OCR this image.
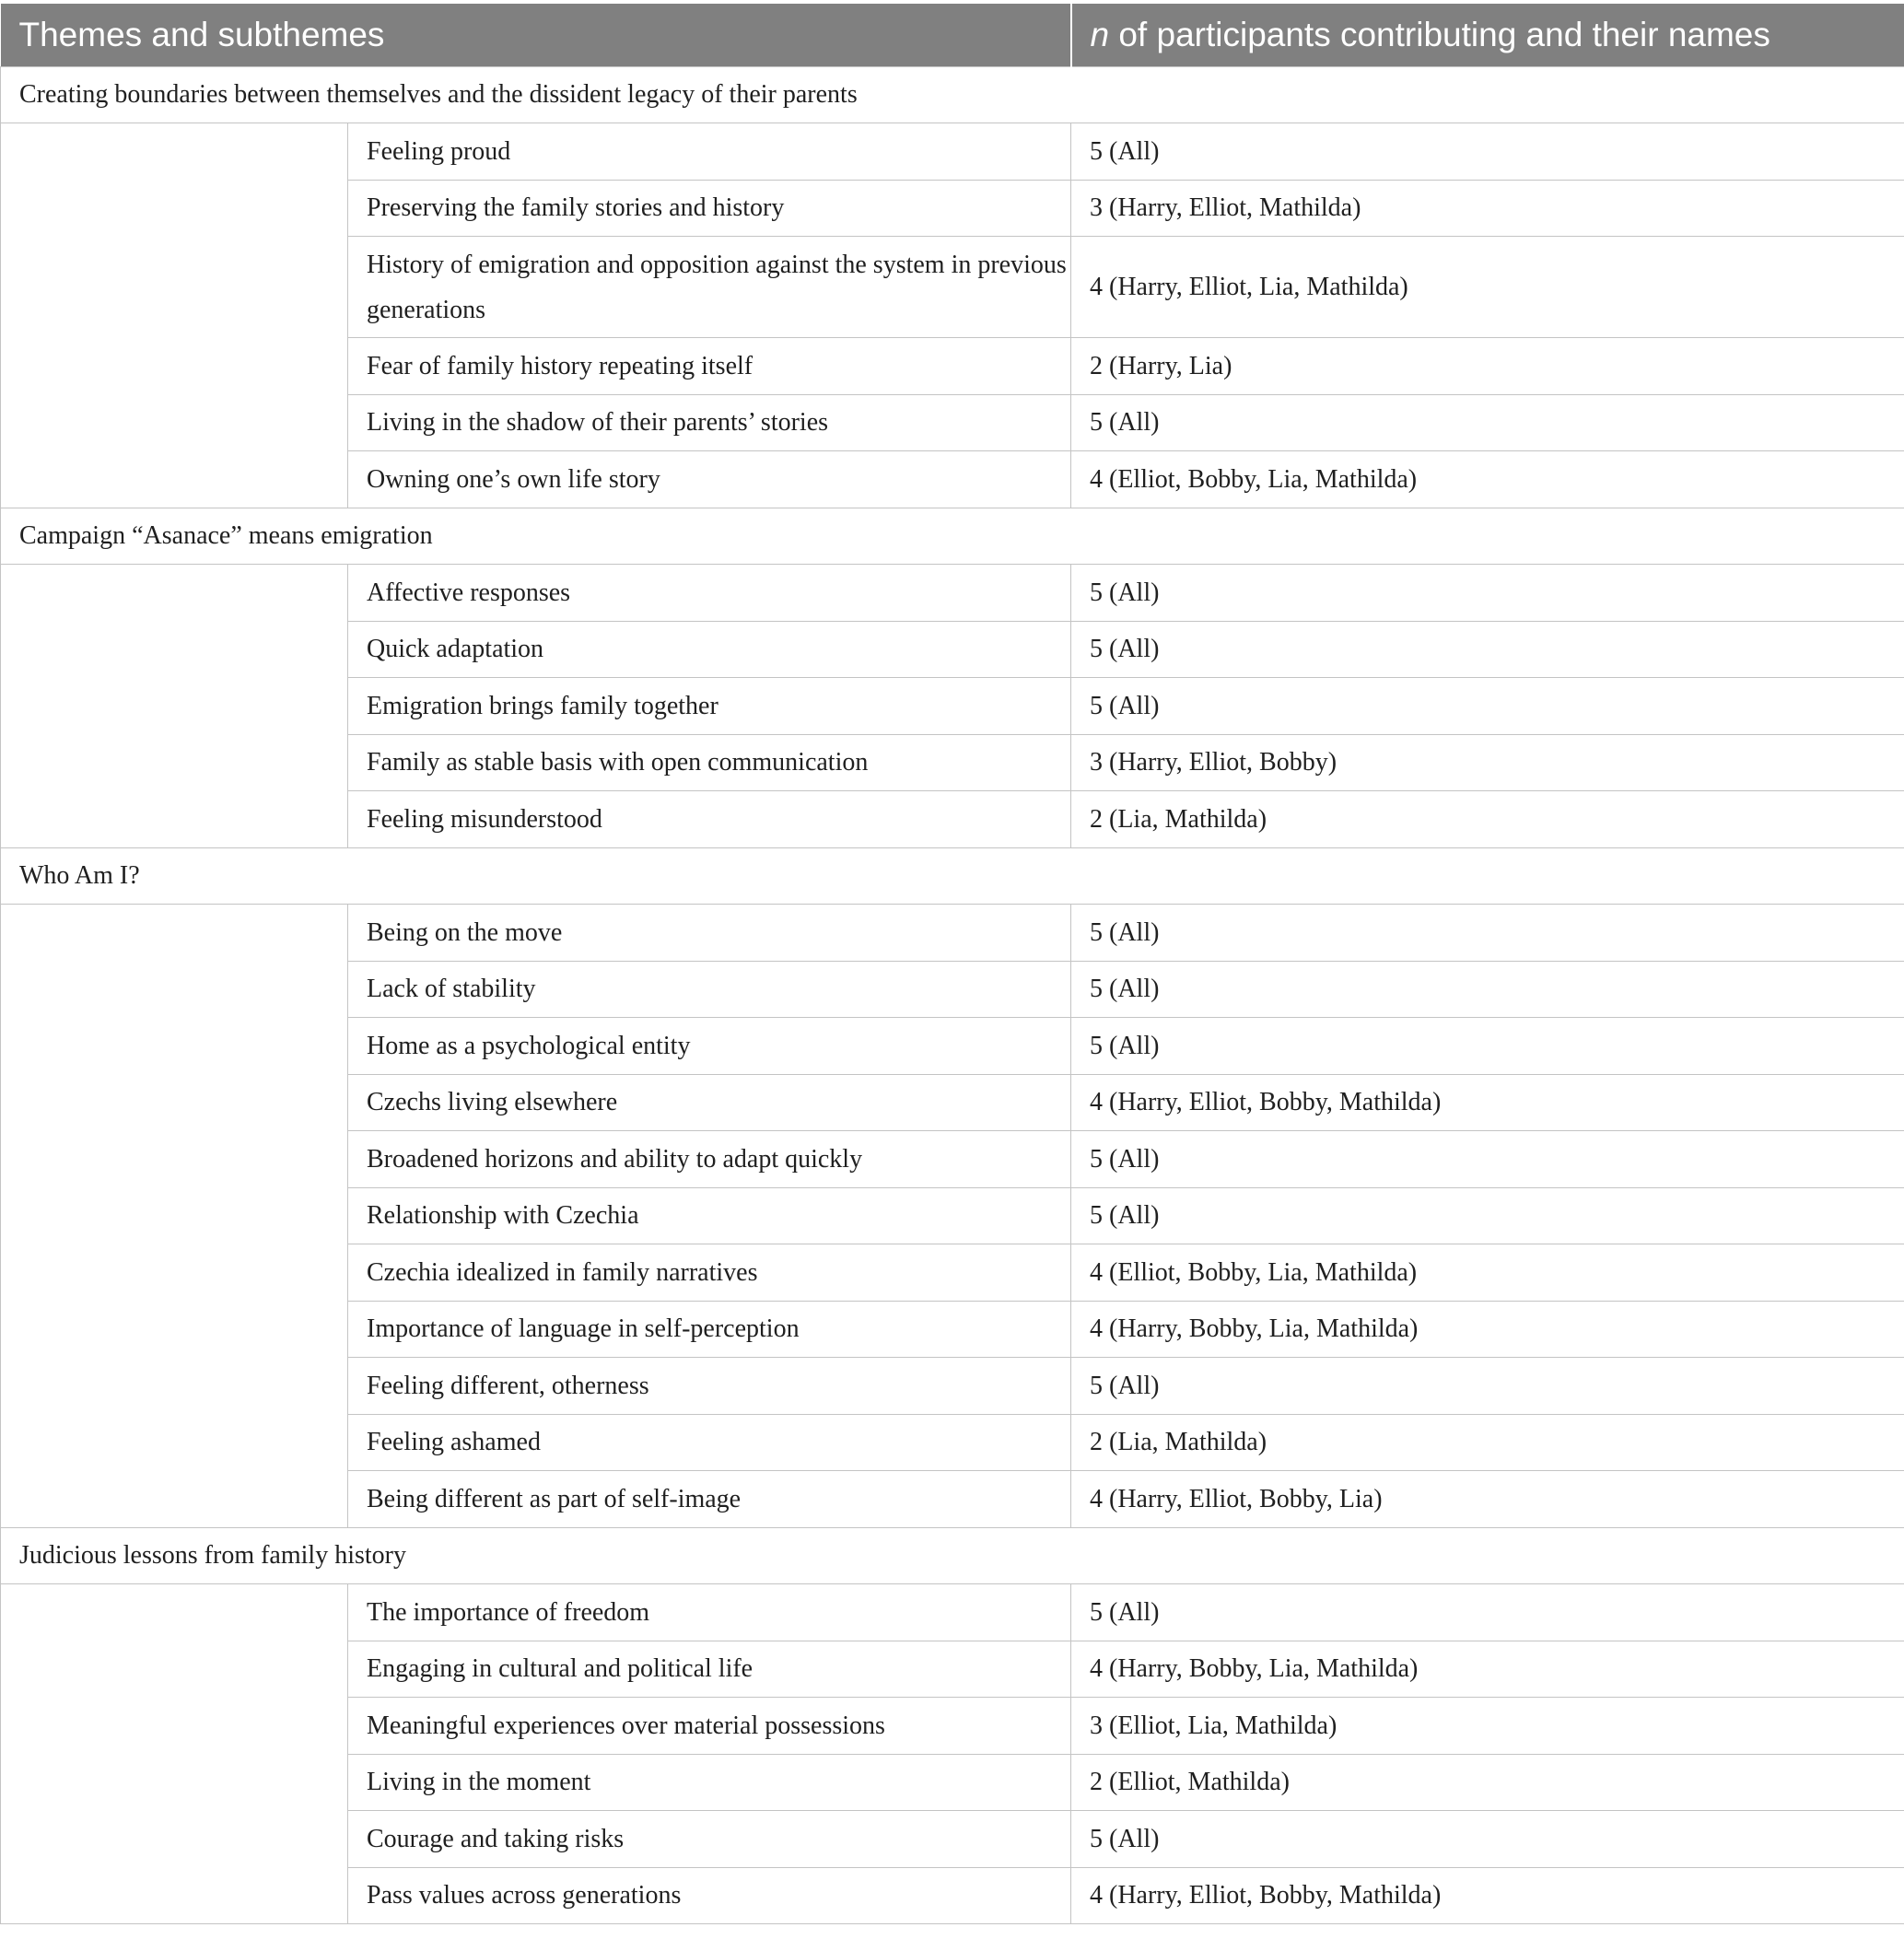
Themes and subthemes		n of participants contributing and their names
Creating boundaries between themselves and the dissident legacy of their parents		
	Feeling proud	5 (All)
	Preserving the family stories and history	3 (Harry, Elliot, Mathilda)
	History of emigration and opposition against the system in previous generations	4 (Harry, Elliot, Lia, Mathilda)
	Fear of family history repeating itself	2 (Harry, Lia)
	Living in the shadow of their parents’ stories	5 (All)
	Owning one’s own life story	4 (Elliot, Bobby, Lia, Mathilda)
Campaign “Asanace” means emigration		
	Affective responses	5 (All)
	Quick adaptation	5 (All)
	Emigration brings family together	5 (All)
	Family as stable basis with open communication	3 (Harry, Elliot, Bobby)
	Feeling misunderstood	2 (Lia, Mathilda)
Who Am I?		
	Being on the move	5 (All)
	Lack of stability	5 (All)
	Home as a psychological entity	5 (All)
	Czechs living elsewhere	4 (Harry, Elliot, Bobby, Mathilda)
	Broadened horizons and ability to adapt quickly	5 (All)
	Relationship with Czechia	5 (All)
	Czechia idealized in family narratives	4 (Elliot, Bobby, Lia, Mathilda)
	Importance of language in self-perception	4 (Harry, Bobby, Lia, Mathilda)
	Feeling different, otherness	5 (All)
	Feeling ashamed	2 (Lia, Mathilda)
	Being different as part of self-image	4 (Harry, Elliot, Bobby, Lia)
Judicious lessons from family history		
	The importance of freedom	5 (All)
	Engaging in cultural and political life	4 (Harry, Bobby, Lia, Mathilda)
	Meaningful experiences over material possessions	3 (Elliot, Lia, Mathilda)
	Living in the moment	2 (Elliot, Mathilda)
	Courage and taking risks	5 (All)
	Pass values across generations	4 (Harry, Elliot, Bobby, Mathilda)
